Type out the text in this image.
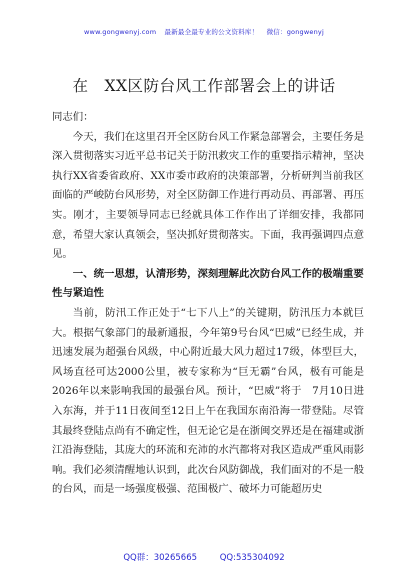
www.gongwenyj.com 最新最全最专业的公文资料库！ 微信：gongwenyj
在 XX区防台风工作部署会上的讲话

同志们：

今天，我们在这里召开全区防台风工作紧急部署会，主要任务是深入贯彻落实习近平总书记关于防汛救灾工作的重要指示精神，坚决执行XX省委省政府、XX市委市政府的决策部署，分析研判当前我区面临的严峻防台风形势，对全区防御工作进行再动员、再部署、再压实。刚才，主要领导同志已经就具体工作作出了详细安排，我都同意，希望大家认真领会，坚决抓好贯彻落实。下面，我再强调四点意见。

一、统一思想，认清形势，深刻理解此次防台风工作的极端重要性与紧迫性

当前，防汛工作正处于“七下八上”的关键期，防汛压力本就巨大。根据气象部门的最新通报，今年第9号台风“巴威”已经生成，并迅速发展为超强台风级，中心附近最大风力超过17级，体型巨大，风场直径可达2000公里，被专家称为“巨无霸”台风，极有可能是　2026年以来影响我国的最强台风。预计，“巴威”将于　7月10日进入东海，并于11日夜间至12日上午在我国东南沿海一带登陆。尽管其最终登陆点尚有不确定性，但无论它是在浙闽交界还是在福建或浙江沿海登陆，其庞大的环流和充沛的水汽都将对我区造成严重风雨影响。我们必须清醒地认识到，此次台风防御战，我们面对的不是一般的台风，而是一场强度极强、范围极广、破坏力可能超历史

QQ群：30265665	QQ:535304092
